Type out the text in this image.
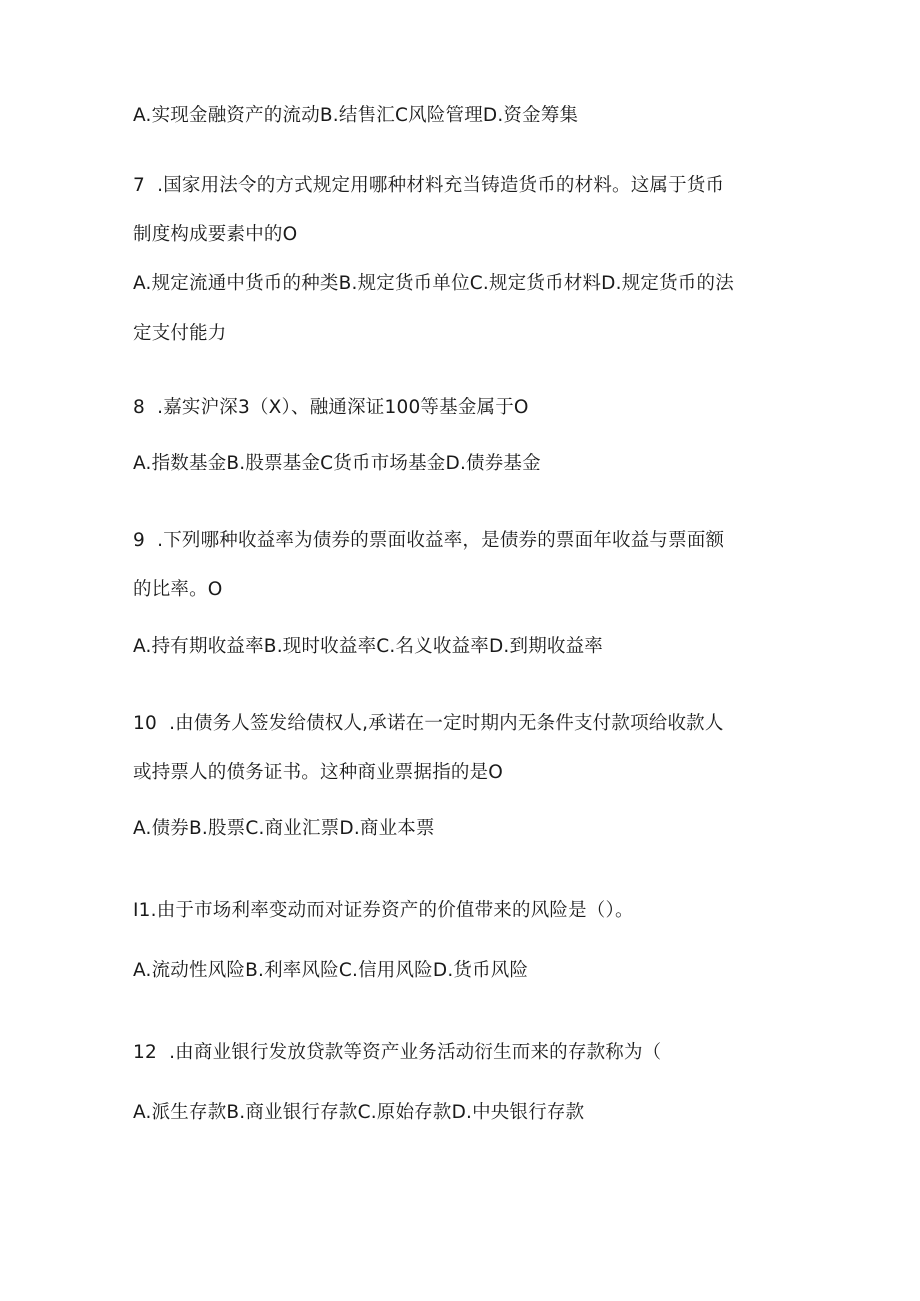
A.实现金融资产的流动B.结售汇C风险管理D.资金筹集
7  .国家用法令的方式规定用哪种材料充当铸造货币的材料。这属于货币
制度构成要素中的O
A.规定流通中货币的种类B.规定货币单位C.规定货币材料D.规定货币的法
定支付能力
8  .嘉实沪深3（X）、融通深证100等基金属于O
A.指数基金B.股票基金C货币市场基金D.债券基金
9  .下列哪种收益率为债券的票面收益率，是债券的票面年收益与票面额
的比率。O
A.持有期收益率B.现时收益率C.名义收益率D.到期收益率
10  .由债务人签发给债权人,承诺在一定时期内无条件支付款项给收款人
或持票人的偾务证书。这种商业票据指的是O
A.债券B.股票C.商业汇票D.商业本票
I1.由于市场利率变动而对证券资产的价值带来的风险是（）。
A.流动性风险B.利率风险C.信用风险D.货币风险
12  .由商业银行发放贷款等资产业务活动衍生而来的存款称为（
A.派生存款B.商业银行存款C.原始存款D.中央银行存款
